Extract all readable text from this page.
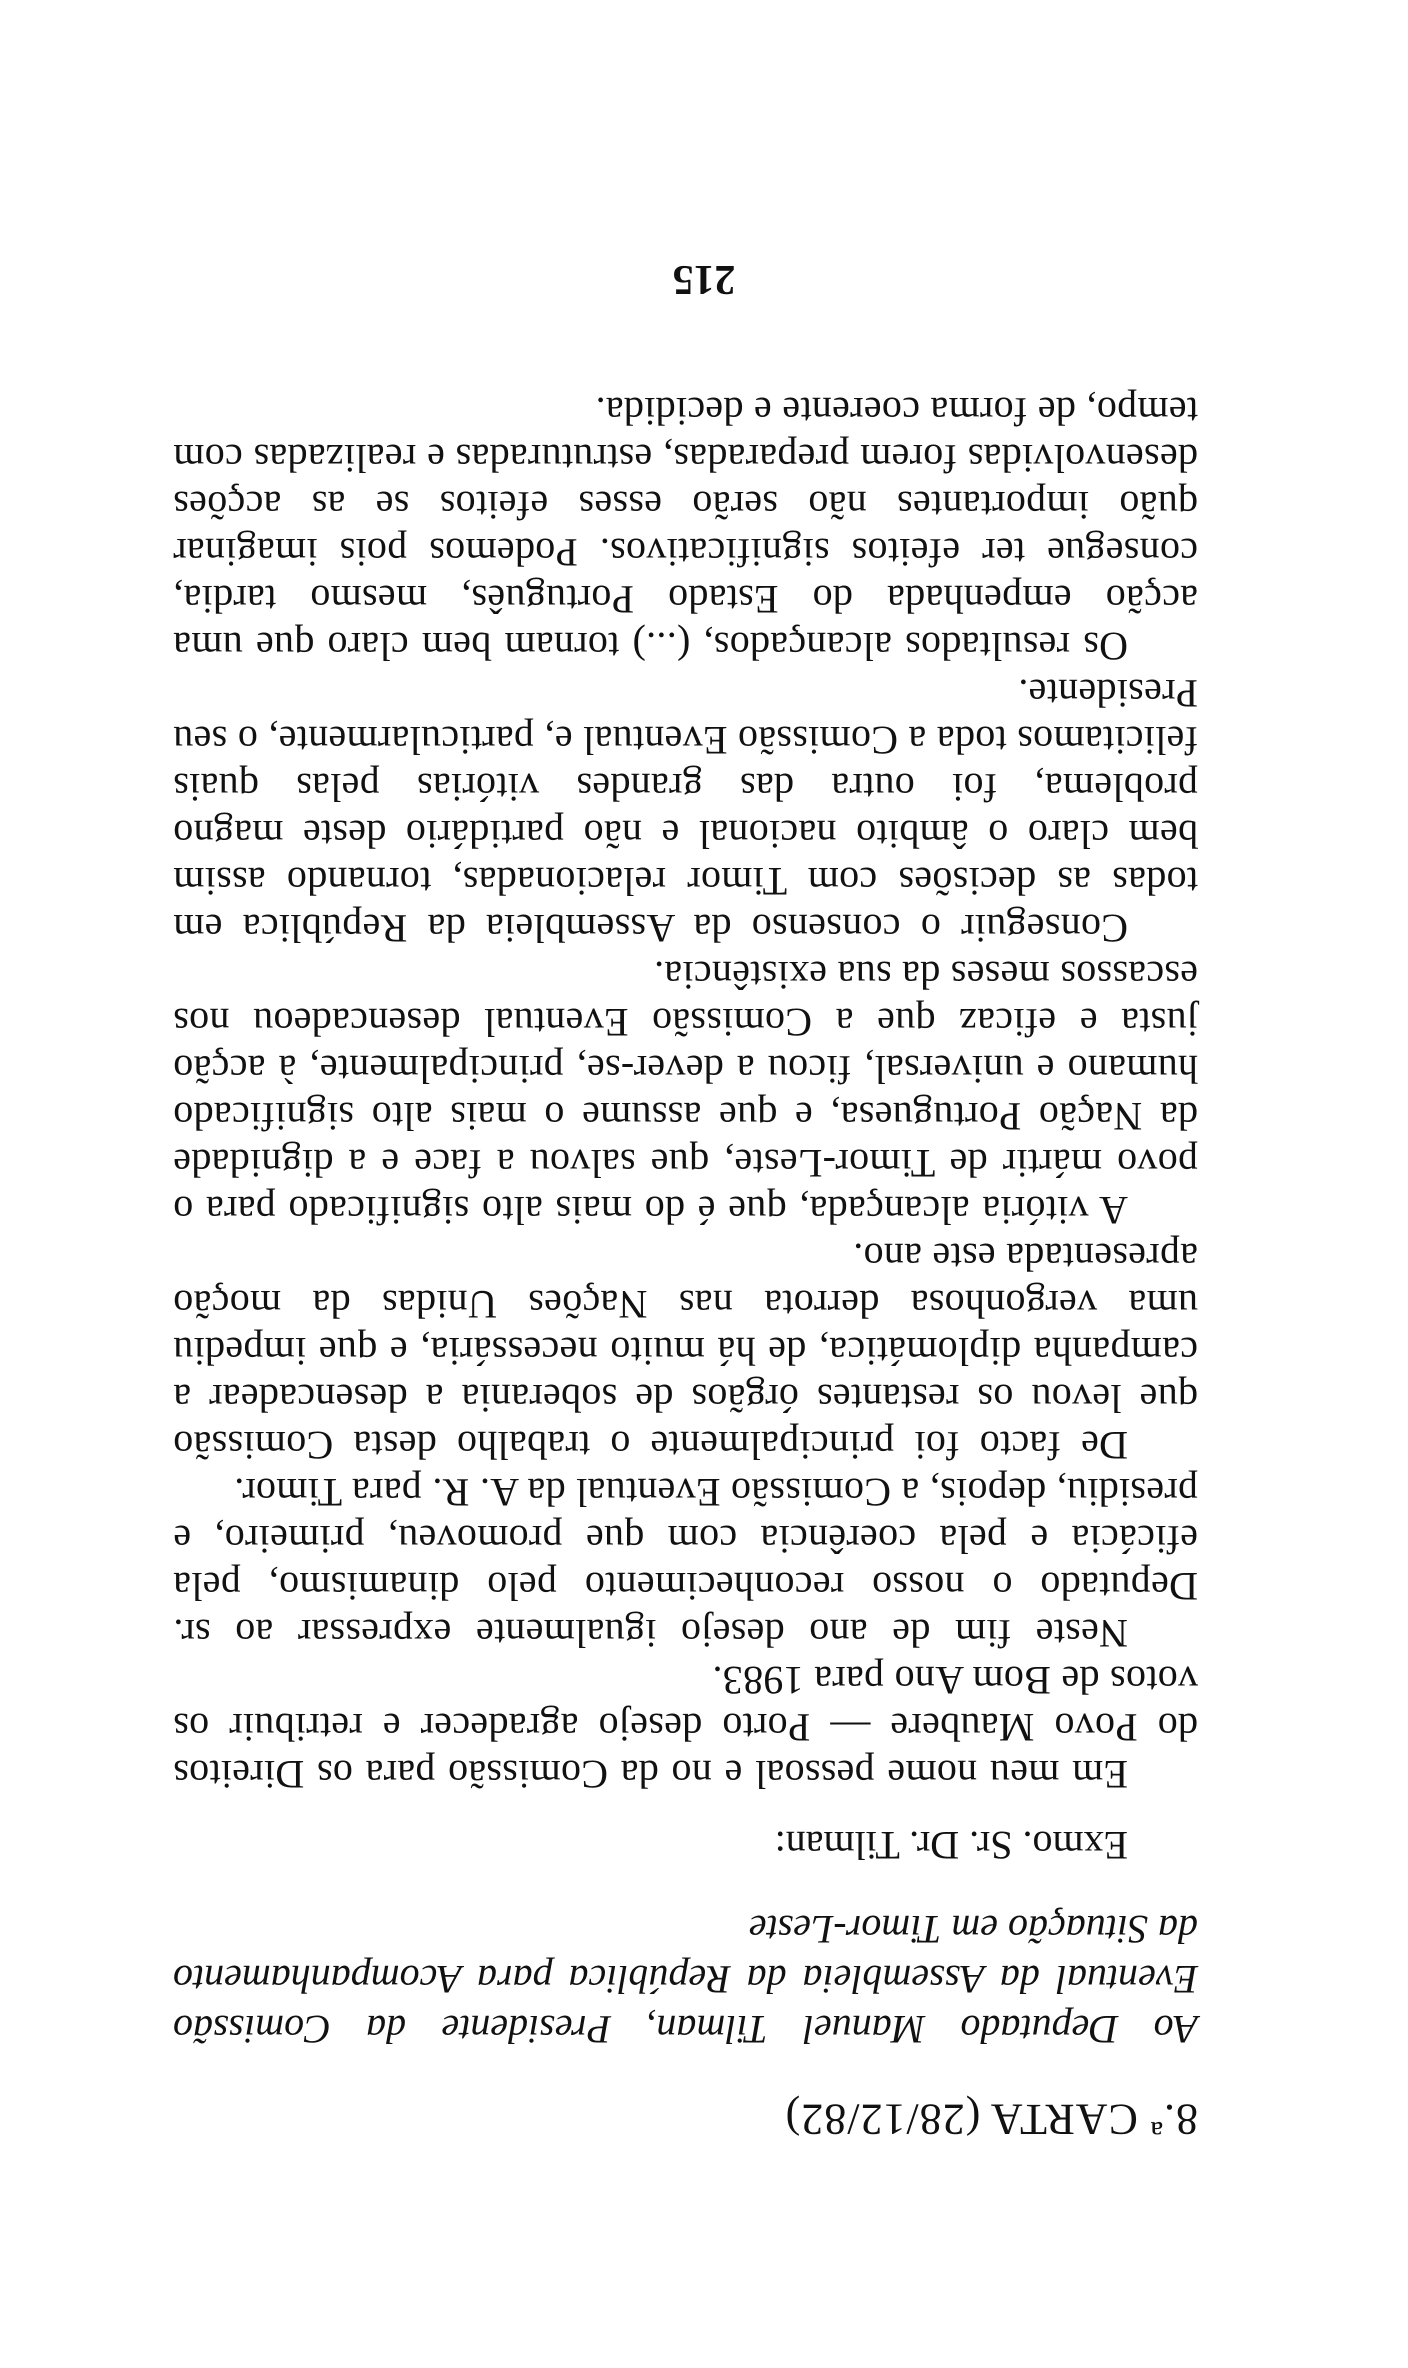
8.ª CARTA (28/12/82)
Ao Deputado Manuel Tilman, Presidente da Comissão Eventual da Assembleia da República para Acompanhamento da Situação em Timor-Leste
Exmo. Sr. Dr. Tilman:

Em meu nome pessoal e no da Comissão para os Direitos do Povo Maubere — Porto desejo agradecer e retribuir os votos de Bom Ano para 1983.

Neste fim de ano desejo igualmente expressar ao sr. Deputado o nosso reconhecimento pelo dinamismo, pela eficácia e pela coerência com que promoveu, primeiro, e presidiu, depois, a Comissão Eventual da A. R. para Timor.

De facto foi principalmente o trabalho desta Comissão que levou os restantes órgãos de soberania a desencadear a campanha diplomática, de há muito necessária, e que impediu uma vergonhosa derrota nas Nações Unidas da moção apresentada este ano.

A vitória alcançada, que é do mais alto significado para o povo mártir de Timor-Leste, que salvou a face e a dignidade da Nação Portuguesa, e que assume o mais alto significado humano e universal, ficou a dever-se, principalmente, à acção justa e eficaz que a Comissão Eventual desencadeou nos escassos meses da sua existência.

Conseguir o consenso da Assembleia da República em todas as decisões com Timor relacionadas, tornando assim bem claro o âmbito nacional e não partidário deste magno problema, foi outra das grandes vitórias pelas quais felicitamos toda a Comissão Eventual e, particularmente, o seu Presidente.

Os resultados alcançados, (...) tornam bem claro que uma acção empenhada do Estado Português, mesmo tardia, consegue ter efeitos significativos. Podemos pois imaginar quão importantes não serão esses efeitos se as acções desenvolvidas forem preparadas, estruturadas e realizadas com tempo, de forma coerente e decidida.

215
